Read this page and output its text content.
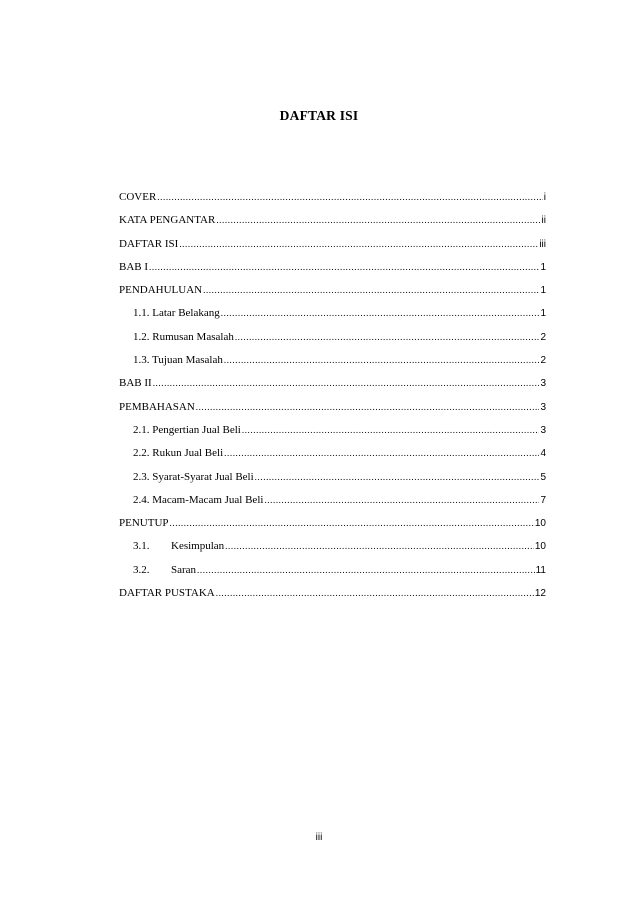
DAFTAR ISI
COVER .....	i
KATA PENGANTAR .....	ii
DAFTAR ISI .....	iii
BAB I .....	1
PENDAHULUAN .....	1
1.1. Latar Belakang .....	1
1.2. Rumusan Masalah .....	2
1.3. Tujuan Masalah .....	2
BAB II .....	3
PEMBAHASAN .....	3
2.1. Pengertian Jual Beli .....	3
2.2. Rukun Jual Beli .....	4
2.3. Syarat-Syarat Jual Beli .....	5
2.4. Macam-Macam Jual Beli .....	7
PENUTUP .....	10
3.1.	Kesimpulan .....	10
3.2.	Saran .....	11
DAFTAR PUSTAKA .....	12
iii
